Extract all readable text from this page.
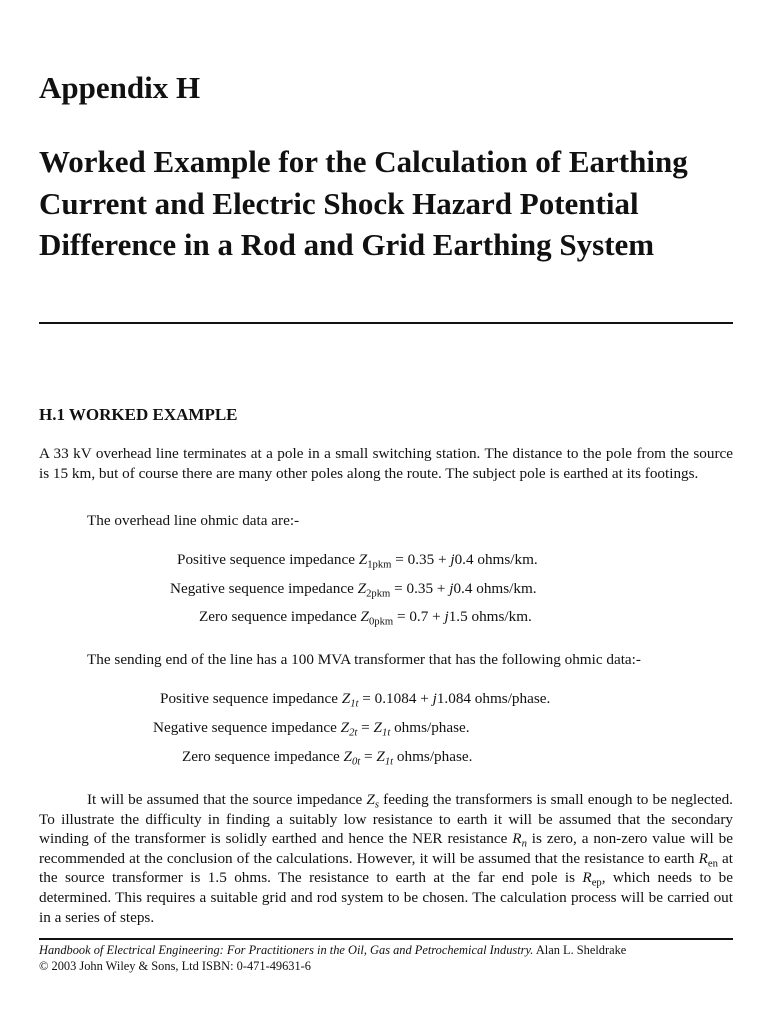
Appendix H
Worked Example for the Calculation of Earthing Current and Electric Shock Hazard Potential Difference in a Rod and Grid Earthing System
H.1 WORKED EXAMPLE
A 33 kV overhead line terminates at a pole in a small switching station. The distance to the pole from the source is 15 km, but of course there are many other poles along the route. The subject pole is earthed at its footings.
The overhead line ohmic data are:-
Positive sequence impedance $Z_{1pkm} = 0.35 + j0.4$ ohms/km.
Negative sequence impedance $Z_{2pkm} = 0.35 + j0.4$ ohms/km.
Zero sequence impedance $Z_{0pkm} = 0.7 + j1.5$ ohms/km.
The sending end of the line has a 100 MVA transformer that has the following ohmic data:-
Positive sequence impedance $Z_{1t} = 0.1084 + j1.084$ ohms/phase.
Negative sequence impedance $Z_{2t} = Z_{1t}$ ohms/phase.
Zero sequence impedance $Z_{0t} = Z_{1t}$ ohms/phase.
It will be assumed that the source impedance $Z_s$ feeding the transformers is small enough to be neglected. To illustrate the difficulty in finding a suitably low resistance to earth it will be assumed that the secondary winding of the transformer is solidly earthed and hence the NER resistance $R_n$ is zero, a non-zero value will be recommended at the conclusion of the calculations. However, it will be assumed that the resistance to earth $R_{en}$ at the source transformer is 1.5 ohms. The resistance to earth at the far end pole is $R_{ep}$, which needs to be determined. This requires a suitable grid and rod system to be chosen. The calculation process will be carried out in a series of steps.
Handbook of Electrical Engineering: For Practitioners in the Oil, Gas and Petrochemical Industry. Alan L. Sheldrake
© 2003 John Wiley & Sons, Ltd ISBN: 0-471-49631-6
